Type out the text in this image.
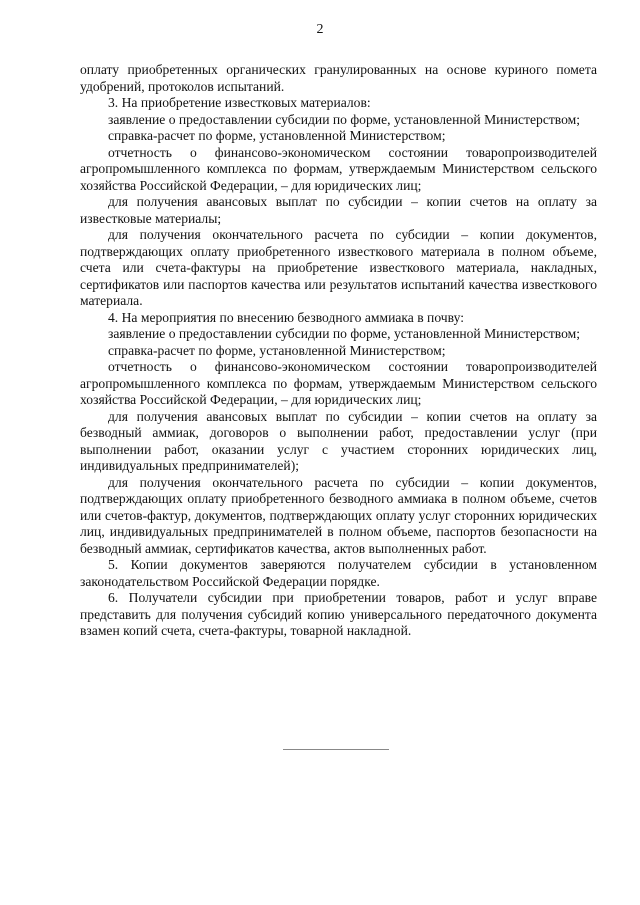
2

оплату приобретенных органических гранулированных на основе куриного помета удобрений, протоколов испытаний.

3. На приобретение известковых материалов:

заявление о предоставлении субсидии по форме, установленной Министерством;

справка-расчет по форме, установленной Министерством;

отчетность о финансово-экономическом состоянии товаропроизводителей агропромышленного комплекса по формам, утверждаемым Министерством сельского хозяйства Российской Федерации, – для юридических лиц;

для получения авансовых выплат по субсидии – копии счетов на оплату за известковые материалы;

для получения окончательного расчета по субсидии – копии документов, подтверждающих оплату приобретенного известкового материала в полном объеме, счета или счета-фактуры на приобретение известкового материала, накладных, сертификатов или паспортов качества или результатов испытаний качества известкового материала.

4. На мероприятия по внесению безводного аммиака в почву:

заявление о предоставлении субсидии по форме, установленной Министерством;

справка-расчет по форме, установленной Министерством;

отчетность о финансово-экономическом состоянии товаропроизводителей агропромышленного комплекса по формам, утверждаемым Министерством сельского хозяйства Российской Федерации, – для юридических лиц;

для получения авансовых выплат по субсидии – копии счетов на оплату за безводный аммиак, договоров о выполнении работ, предоставлении услуг (при выполнении работ, оказании услуг с участием сторонних юридических лиц, индивидуальных предпринимателей);

для получения окончательного расчета по субсидии – копии документов, подтверждающих оплату приобретенного безводного аммиака в полном объеме, счетов или счетов-фактур, документов, подтверждающих оплату услуг сторонних юридических лиц, индивидуальных предпринимателей в полном объеме, паспортов безопасности на безводный аммиак, сертификатов качества, актов выполненных работ.

5. Копии документов заверяются получателем субсидии в установленном законодательством Российской Федерации порядке.

6. Получатели субсидии при приобретении товаров, работ и услуг вправе представить для получения субсидий копию универсального передаточного документа взамен копий счета, счета-фактуры, товарной накладной.
